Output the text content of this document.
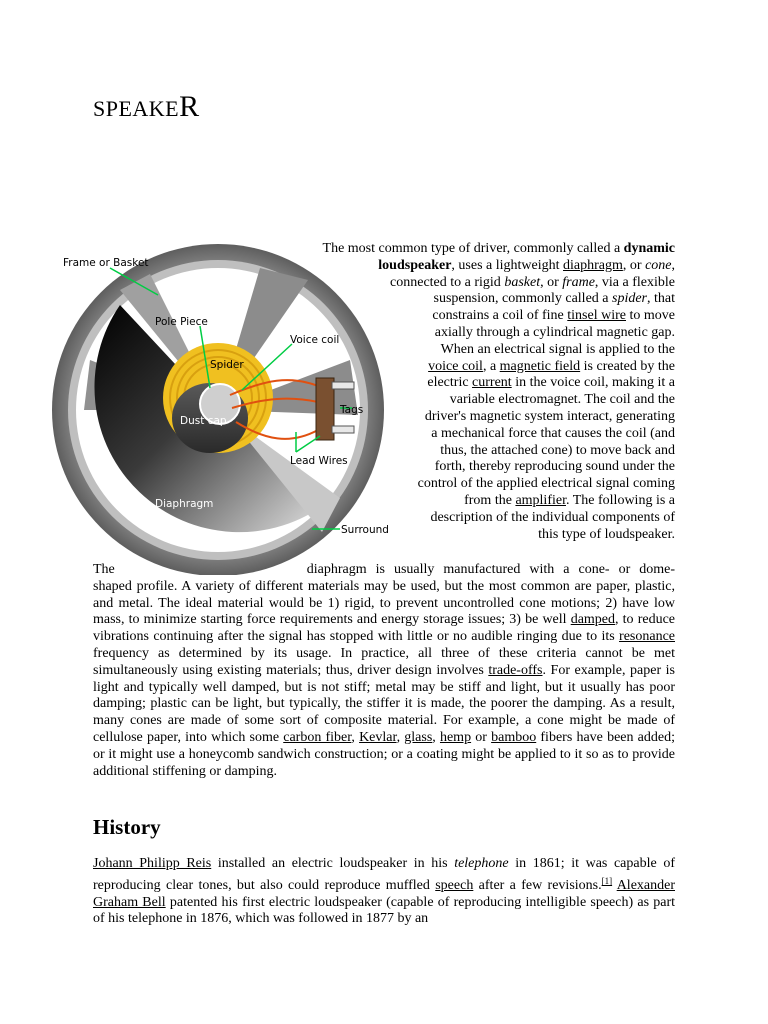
SPEAKER
Frame or Basket
Pole Piece
Voice coil
Spider
Tags
Dust cap
Lead Wires
Diaphragm
Surround
The most common type of driver, commonly called a dynamic
loudspeaker, uses a lightweight diaphragm, or cone,
connected to a rigid basket, or frame, via a flexible
suspension, commonly called a spider, that
constrains a coil of fine tinsel wire to move
axially through a cylindrical magnetic gap.
When an electrical signal is applied to the
voice coil, a magnetic field is created by the
electric current in the voice coil, making it a
variable electromagnet. The coil and the
driver's magnetic system interact, generating
a mechanical force that causes the coil (and
thus, the attached cone) to move back and
forth, thereby reproducing sound under the
control of the applied electrical signal coming
from the amplifier. The following is a
description of the individual components of
this type of loudspeaker.

The	diaphragm is usually manufactured with a cone- or dome-
shaped profile. A variety of different materials may be used, but the most common are paper, plastic, and metal. The ideal material would be 1) rigid, to prevent uncontrolled cone motions; 2) have low mass, to minimize starting force requirements and energy storage issues; 3) be well damped, to reduce vibrations continuing after the signal has stopped with little or no audible ringing due to its resonance frequency as determined by its usage. In practice, all three of these criteria cannot be met simultaneously using existing materials; thus, driver design involves trade-offs. For example, paper is light and typically well damped, but is not stiff; metal may be stiff and light, but it usually has poor damping; plastic can be light, but typically, the stiffer it is made, the poorer the damping. As a result, many cones are made of some sort of composite material. For example, a cone might be made of cellulose paper, into which some carbon fiber, Kevlar, glass, hemp or bamboo fibers have been added; or it might use a honeycomb sandwich construction; or a coating might be applied to it so as to provide additional stiffening or damping.

History

Johann Philipp Reis installed an electric loudspeaker in his telephone in 1861; it was capable of reproducing clear tones, but also could reproduce muffled speech after a few revisions.[1] Alexander Graham Bell patented his first electric loudspeaker (capable of reproducing intelligible speech) as part of his telephone in 1876, which was followed in 1877 by an
